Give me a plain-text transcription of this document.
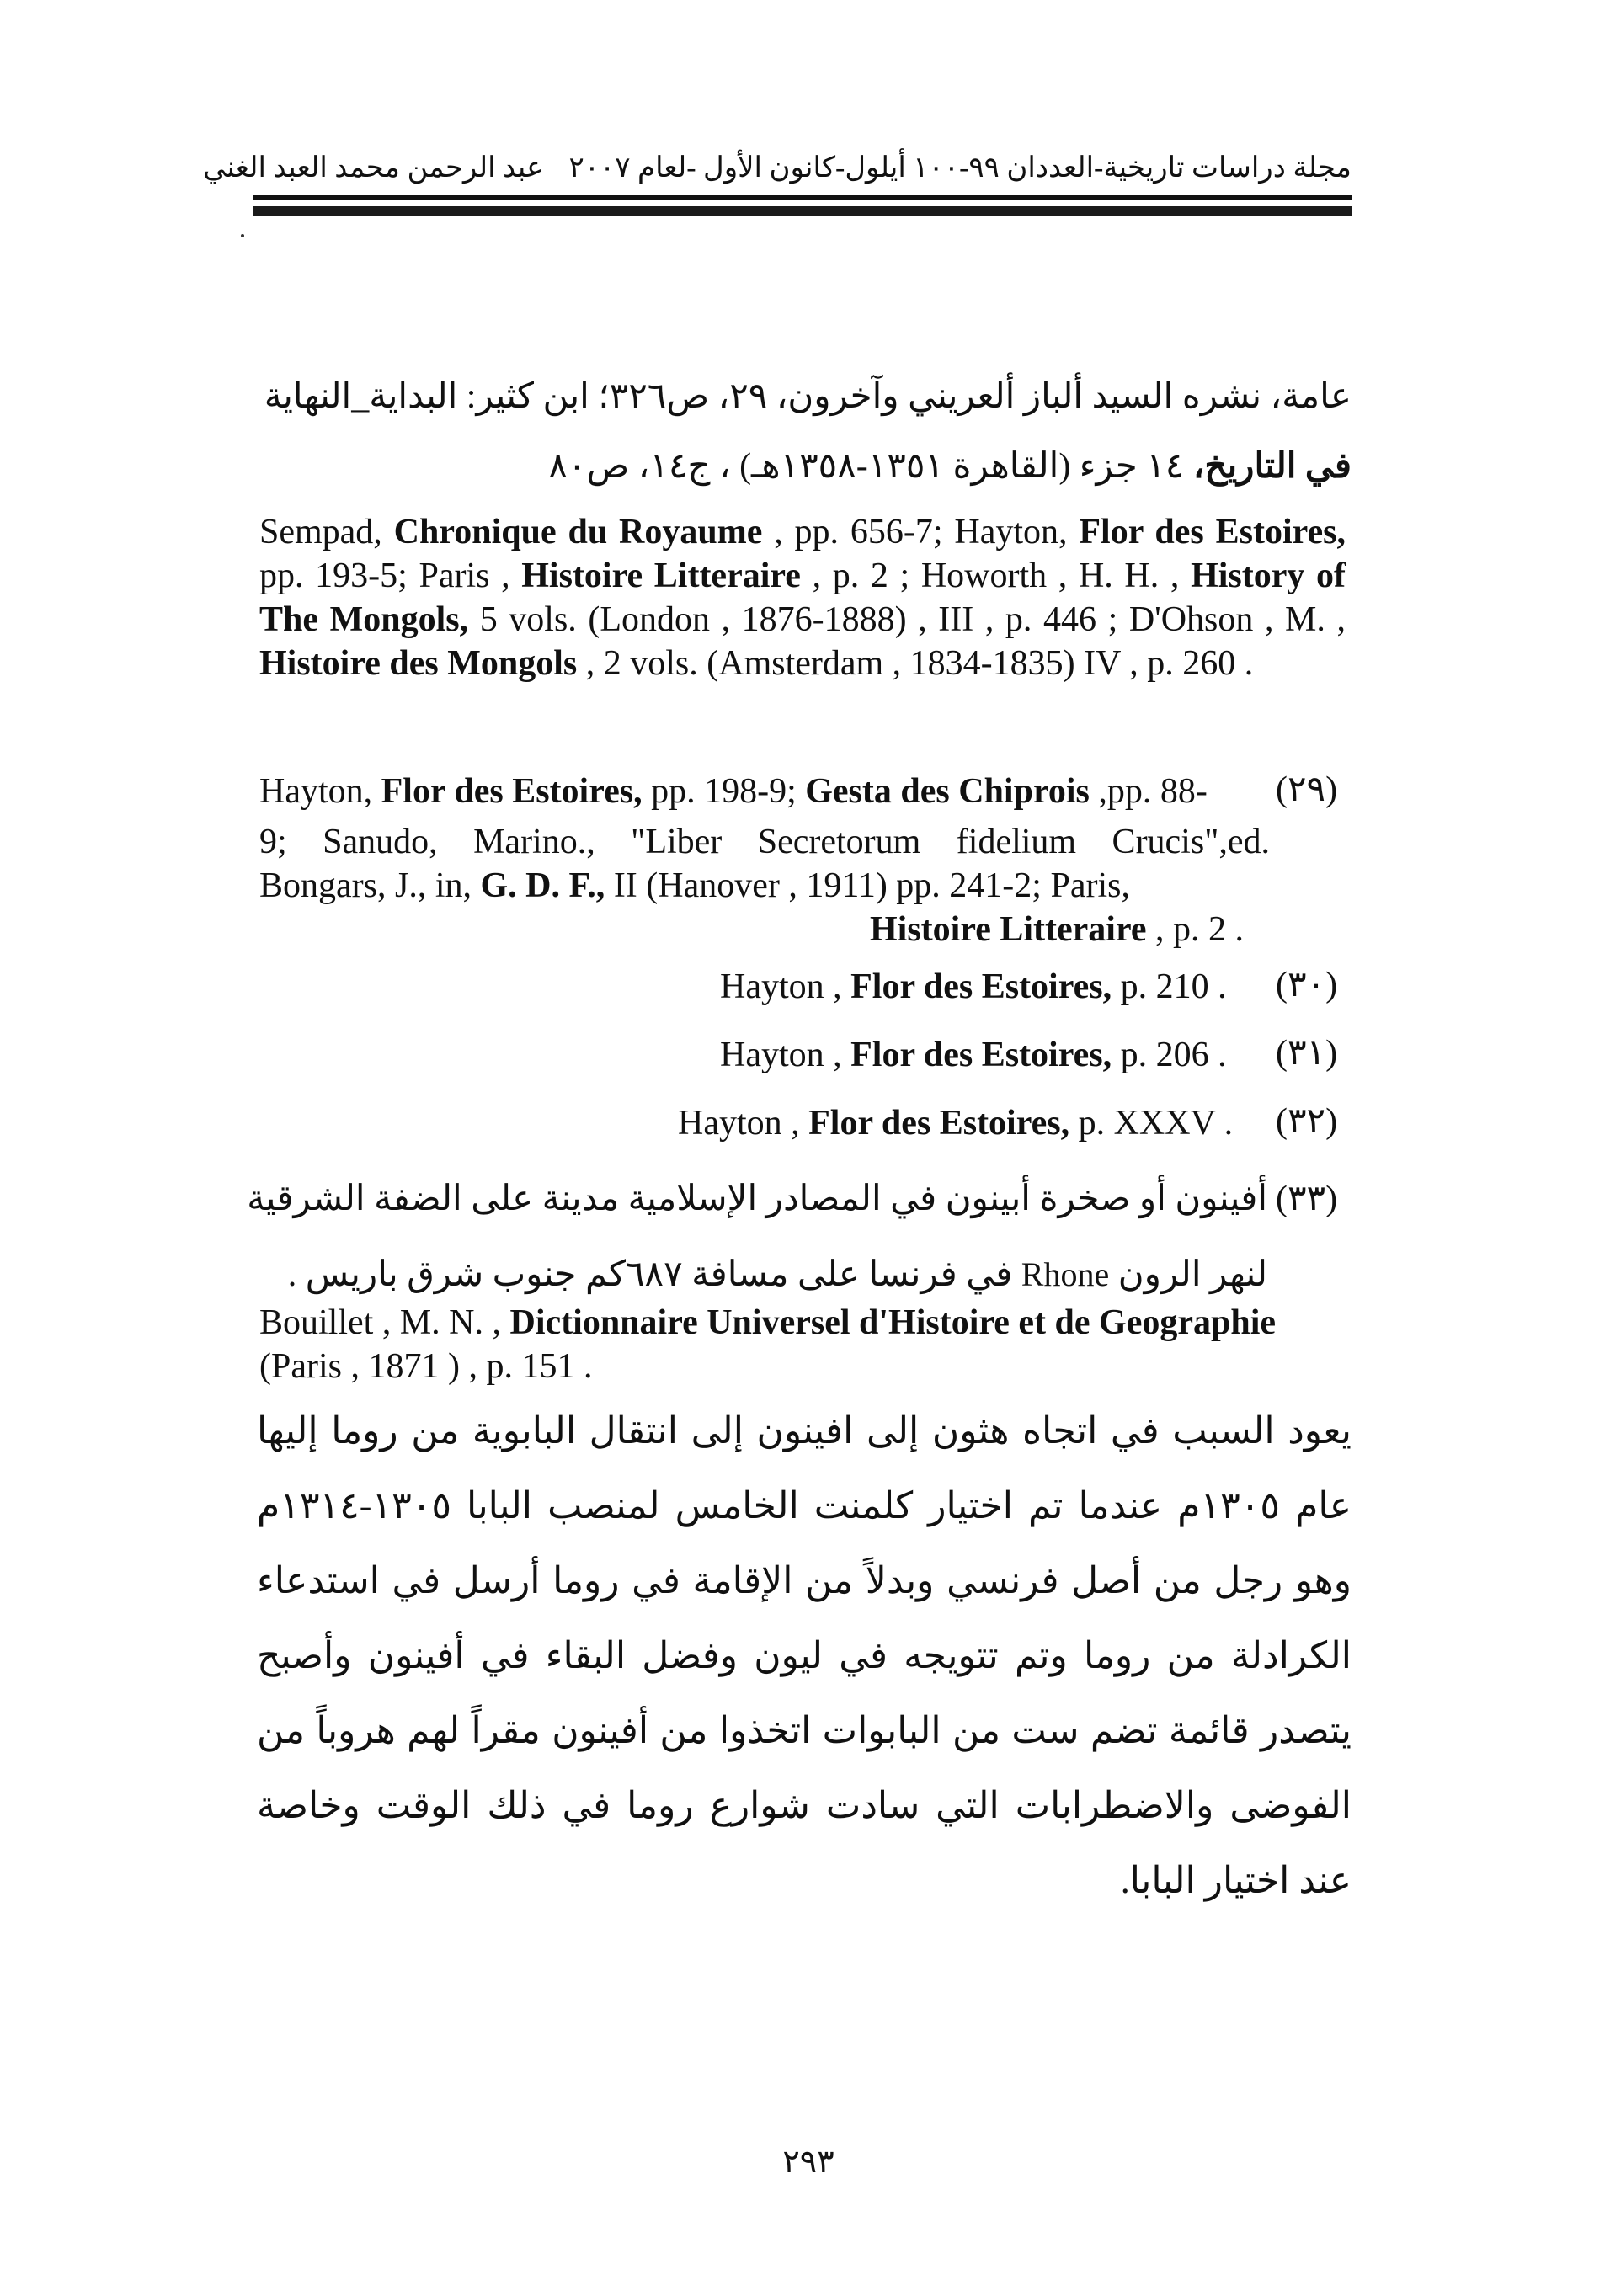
مجلة دراسات تاريخية-العددان ٩٩-١٠٠ أيلول-كانون الأول -لعام ٢٠٠٧عبد الرحمن محمد العبد الغني
عامة، نشره السيد ألباز ألعريني وآخرون، ٢٩، ص٣٢٦؛ ابن كثير: البداية_النهاية
في التاريخ، ١٤ جزء (القاهرة ١٣٥١-١٣٥٨هـ) ، ج١٤، ص٨٠
Sempad, Chronique du Royaume , pp. 656-7; Hayton, Flor des Estoires, pp. 193-5; Paris , Histoire Litteraire , p. 2 ; Howorth , H. H. , History of The Mongols, 5 vols. (London , 1876-1888) , III , p. 446 ; D'Ohson , M. , Histoire des Mongols , 2 vols. (Amsterdam , 1834-1835) IV , p. 260 .
(٢٩)
Hayton, Flor des Estoires, pp. 198-9; Gesta des Chiprois ,pp. 88-
9; Sanudo, Marino., "Liber Secretorum fidelium Crucis",ed.
Bongars, J., in, G. D. F., II (Hanover , 1911) pp. 241-2; Paris,
Histoire Litteraire , p. 2 .
(٣٠)
Hayton , Flor des Estoires, p. 210 .
(٣١)
Hayton , Flor des Estoires, p. 206 .
(٣٢)
Hayton , Flor des Estoires, p. XXXV .
(٣٣)
أفينون أو صخرة أبينون في المصادر الإسلامية مدينة على الضفة الشرقية
لنهر الرون Rhone في فرنسا على مسافة ٦٨٧كم جنوب شرق باريس .
Bouillet , M. N. , Dictionnaire Universel d'Histoire et de Geographie
(Paris , 1871 ) , p. 151 .
يعود السبب في اتجاه هثون إلى افينون إلى انتقال البابوية من روما إليها عام ١٣٠٥م عندما تم اختيار كلمنت الخامس لمنصب البابا ١٣٠٥-١٣١٤م وهو رجل من أصل فرنسي وبدلاً من الإقامة في روما أرسل في استدعاء الكرادلة من روما وتم تتويجه في ليون وفضل البقاء في أفينون وأصبح يتصدر قائمة تضم ست من البابوات اتخذوا من أفينون مقراً لهم هروباً من الفوضى والاضطرابات التي سادت شوارع روما في ذلك الوقت وخاصة عند اختيار البابا.
٢٩٣
